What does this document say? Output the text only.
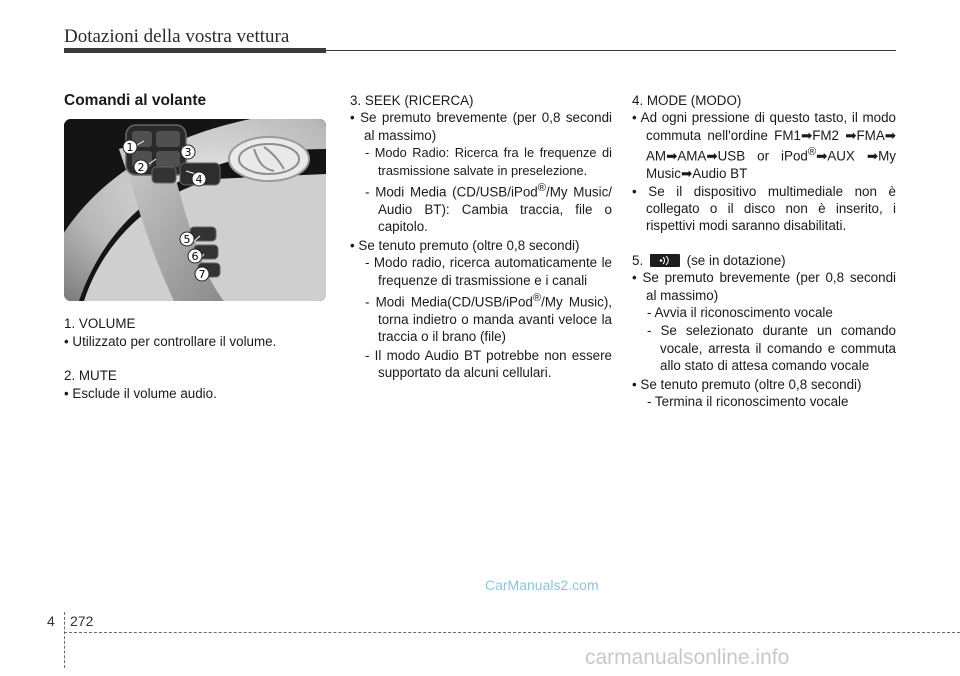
Dotazioni della vostra vettura
Comandi al volante
1
2
3
4
5
6
7

1. VOLUME

• Utilizzato per controllare il volume.

2. MUTE

• Esclude il volume audio.

3. SEEK (RICERCA)

• Se premuto brevemente (per 0,8 secondi al massimo)

- Modo Radio: Ricerca fra le frequenze di trasmissione salvate in preselezione.

- Modi Media (CD/USB/iPod®/My Music/ Audio BT): Cambia traccia, file o capitolo.

• Se tenuto premuto (oltre 0,8 secondi)

- Modo radio, ricerca automaticamente le frequenze di trasmissione e i canali

- Modi Media(CD/USB/iPod®/My Music), torna indietro o manda avanti veloce la traccia o il brano (file)

- Il modo Audio BT potrebbe non essere supportato da alcuni cellulari.

4. MODE (MODO)

• Ad ogni pressione di questo tasto, il modo commuta nell'ordine FM1➡FM2 ➡FMA➡ AM➡AMA➡USB or iPod®➡AUX ➡My Music➡Audio BT

• Se il dispositivo multimediale non è collegato o il disco non è inserito, i rispettivi modi saranno disabilitati.

5.	(se in dotazione)

• Se premuto brevemente (per 0,8 secondi al massimo)

- Avvia il riconoscimento vocale

- Se selezionato durante un comando vocale, arresta il comando e commuta allo stato di attesa comando vocale

• Se tenuto premuto (oltre 0,8 secondi)

- Termina il riconoscimento vocale

CarManuals2.com
4 272
carmanualsonline.info
